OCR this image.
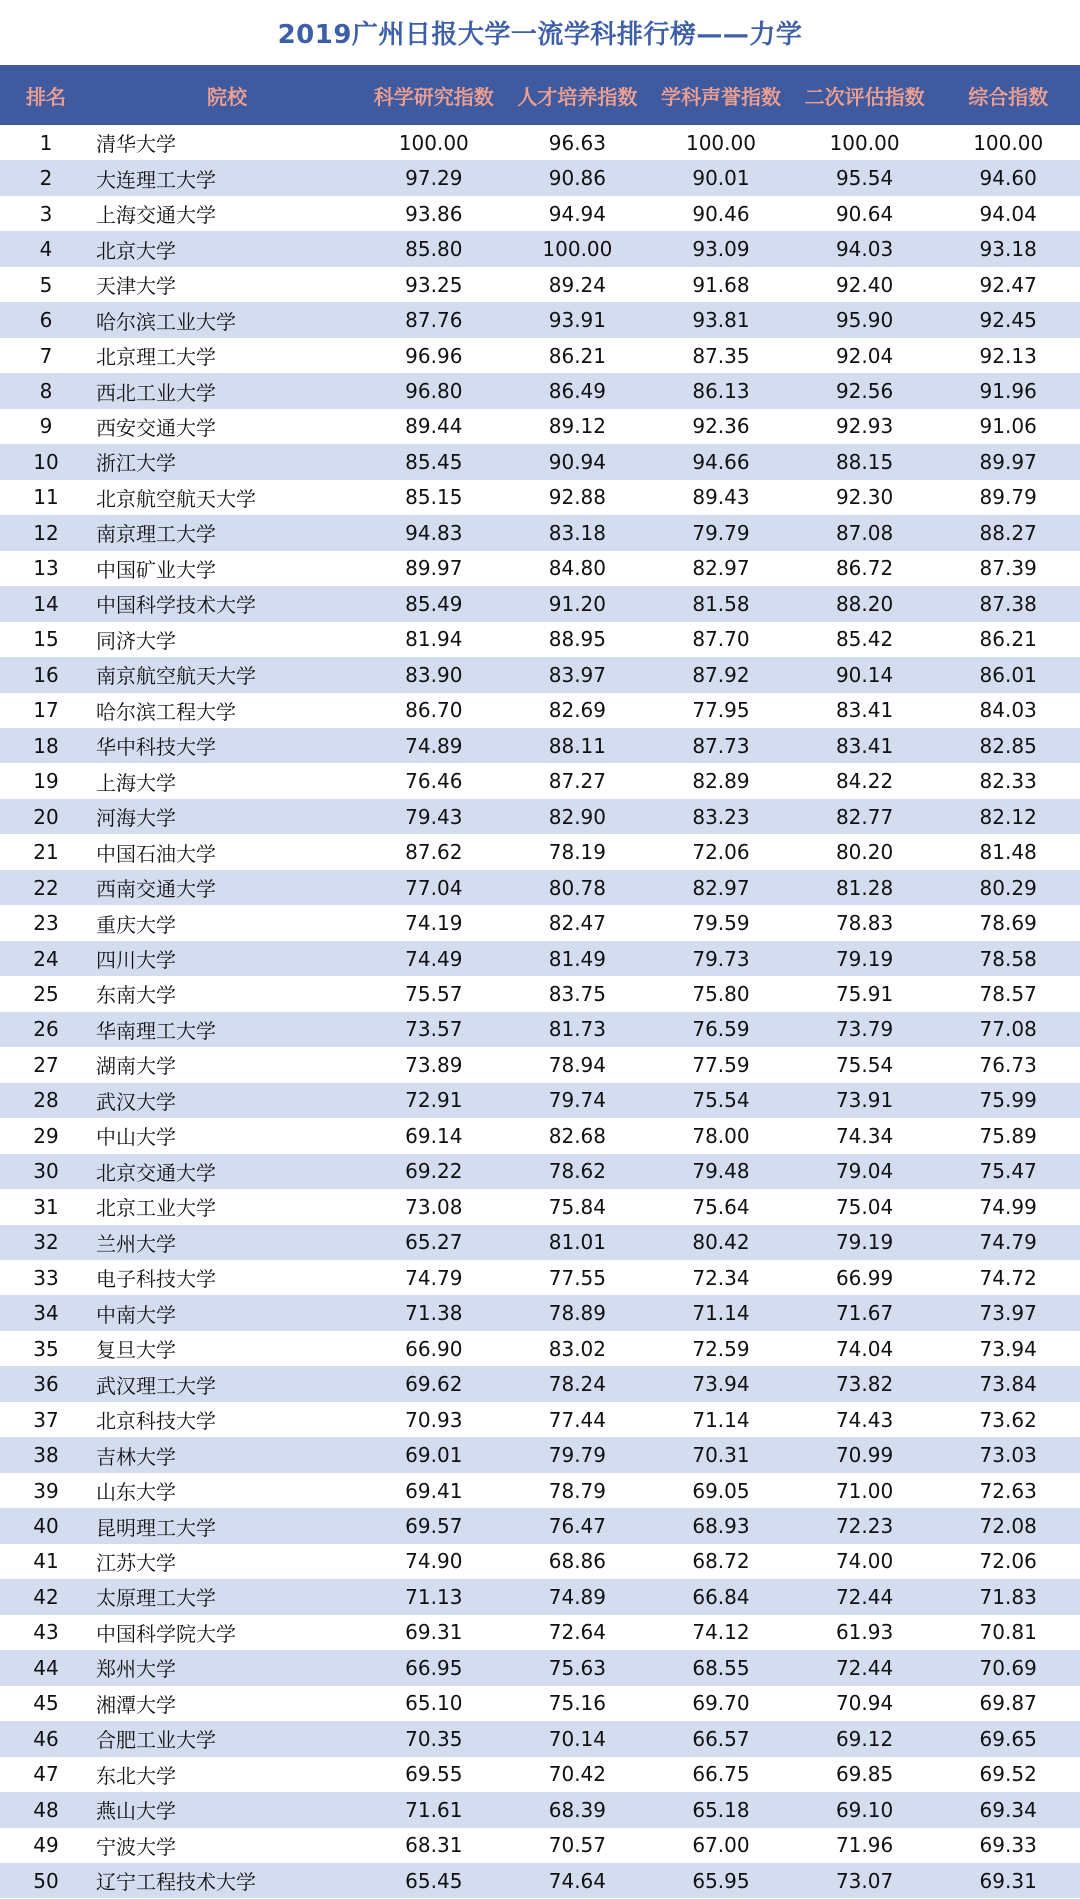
2019广州日报大学一流学科排行榜——力学
排名	院校	科学研究指数	人才培养指数	学科声誉指数	二次评估指数	综合指数
1	清华大学	100.00	96.63	100.00	100.00	100.00
2	大连理工大学	97.29	90.86	90.01	95.54	94.60
3	上海交通大学	93.86	94.94	90.46	90.64	94.04
4	北京大学	85.80	100.00	93.09	94.03	93.18
5	天津大学	93.25	89.24	91.68	92.40	92.47
6	哈尔滨工业大学	87.76	93.91	93.81	95.90	92.45
7	北京理工大学	96.96	86.21	87.35	92.04	92.13
8	西北工业大学	96.80	86.49	86.13	92.56	91.96
9	西安交通大学	89.44	89.12	92.36	92.93	91.06
10	浙江大学	85.45	90.94	94.66	88.15	89.97
11	北京航空航天大学	85.15	92.88	89.43	92.30	89.79
12	南京理工大学	94.83	83.18	79.79	87.08	88.27
13	中国矿业大学	89.97	84.80	82.97	86.72	87.39
14	中国科学技术大学	85.49	91.20	81.58	88.20	87.38
15	同济大学	81.94	88.95	87.70	85.42	86.21
16	南京航空航天大学	83.90	83.97	87.92	90.14	86.01
17	哈尔滨工程大学	86.70	82.69	77.95	83.41	84.03
18	华中科技大学	74.89	88.11	87.73	83.41	82.85
19	上海大学	76.46	87.27	82.89	84.22	82.33
20	河海大学	79.43	82.90	83.23	82.77	82.12
21	中国石油大学	87.62	78.19	72.06	80.20	81.48
22	西南交通大学	77.04	80.78	82.97	81.28	80.29
23	重庆大学	74.19	82.47	79.59	78.83	78.69
24	四川大学	74.49	81.49	79.73	79.19	78.58
25	东南大学	75.57	83.75	75.80	75.91	78.57
26	华南理工大学	73.57	81.73	76.59	73.79	77.08
27	湖南大学	73.89	78.94	77.59	75.54	76.73
28	武汉大学	72.91	79.74	75.54	73.91	75.99
29	中山大学	69.14	82.68	78.00	74.34	75.89
30	北京交通大学	69.22	78.62	79.48	79.04	75.47
31	北京工业大学	73.08	75.84	75.64	75.04	74.99
32	兰州大学	65.27	81.01	80.42	79.19	74.79
33	电子科技大学	74.79	77.55	72.34	66.99	74.72
34	中南大学	71.38	78.89	71.14	71.67	73.97
35	复旦大学	66.90	83.02	72.59	74.04	73.94
36	武汉理工大学	69.62	78.24	73.94	73.82	73.84
37	北京科技大学	70.93	77.44	71.14	74.43	73.62
38	吉林大学	69.01	79.79	70.31	70.99	73.03
39	山东大学	69.41	78.79	69.05	71.00	72.63
40	昆明理工大学	69.57	76.47	68.93	72.23	72.08
41	江苏大学	74.90	68.86	68.72	74.00	72.06
42	太原理工大学	71.13	74.89	66.84	72.44	71.83
43	中国科学院大学	69.31	72.64	74.12	61.93	70.81
44	郑州大学	66.95	75.63	68.55	72.44	70.69
45	湘潭大学	65.10	75.16	69.70	70.94	69.87
46	合肥工业大学	70.35	70.14	66.57	69.12	69.65
47	东北大学	69.55	70.42	66.75	69.85	69.52
48	燕山大学	71.61	68.39	65.18	69.10	69.34
49	宁波大学	68.31	70.57	67.00	71.96	69.33
50	辽宁工程技术大学	65.45	74.64	65.95	73.07	69.31
